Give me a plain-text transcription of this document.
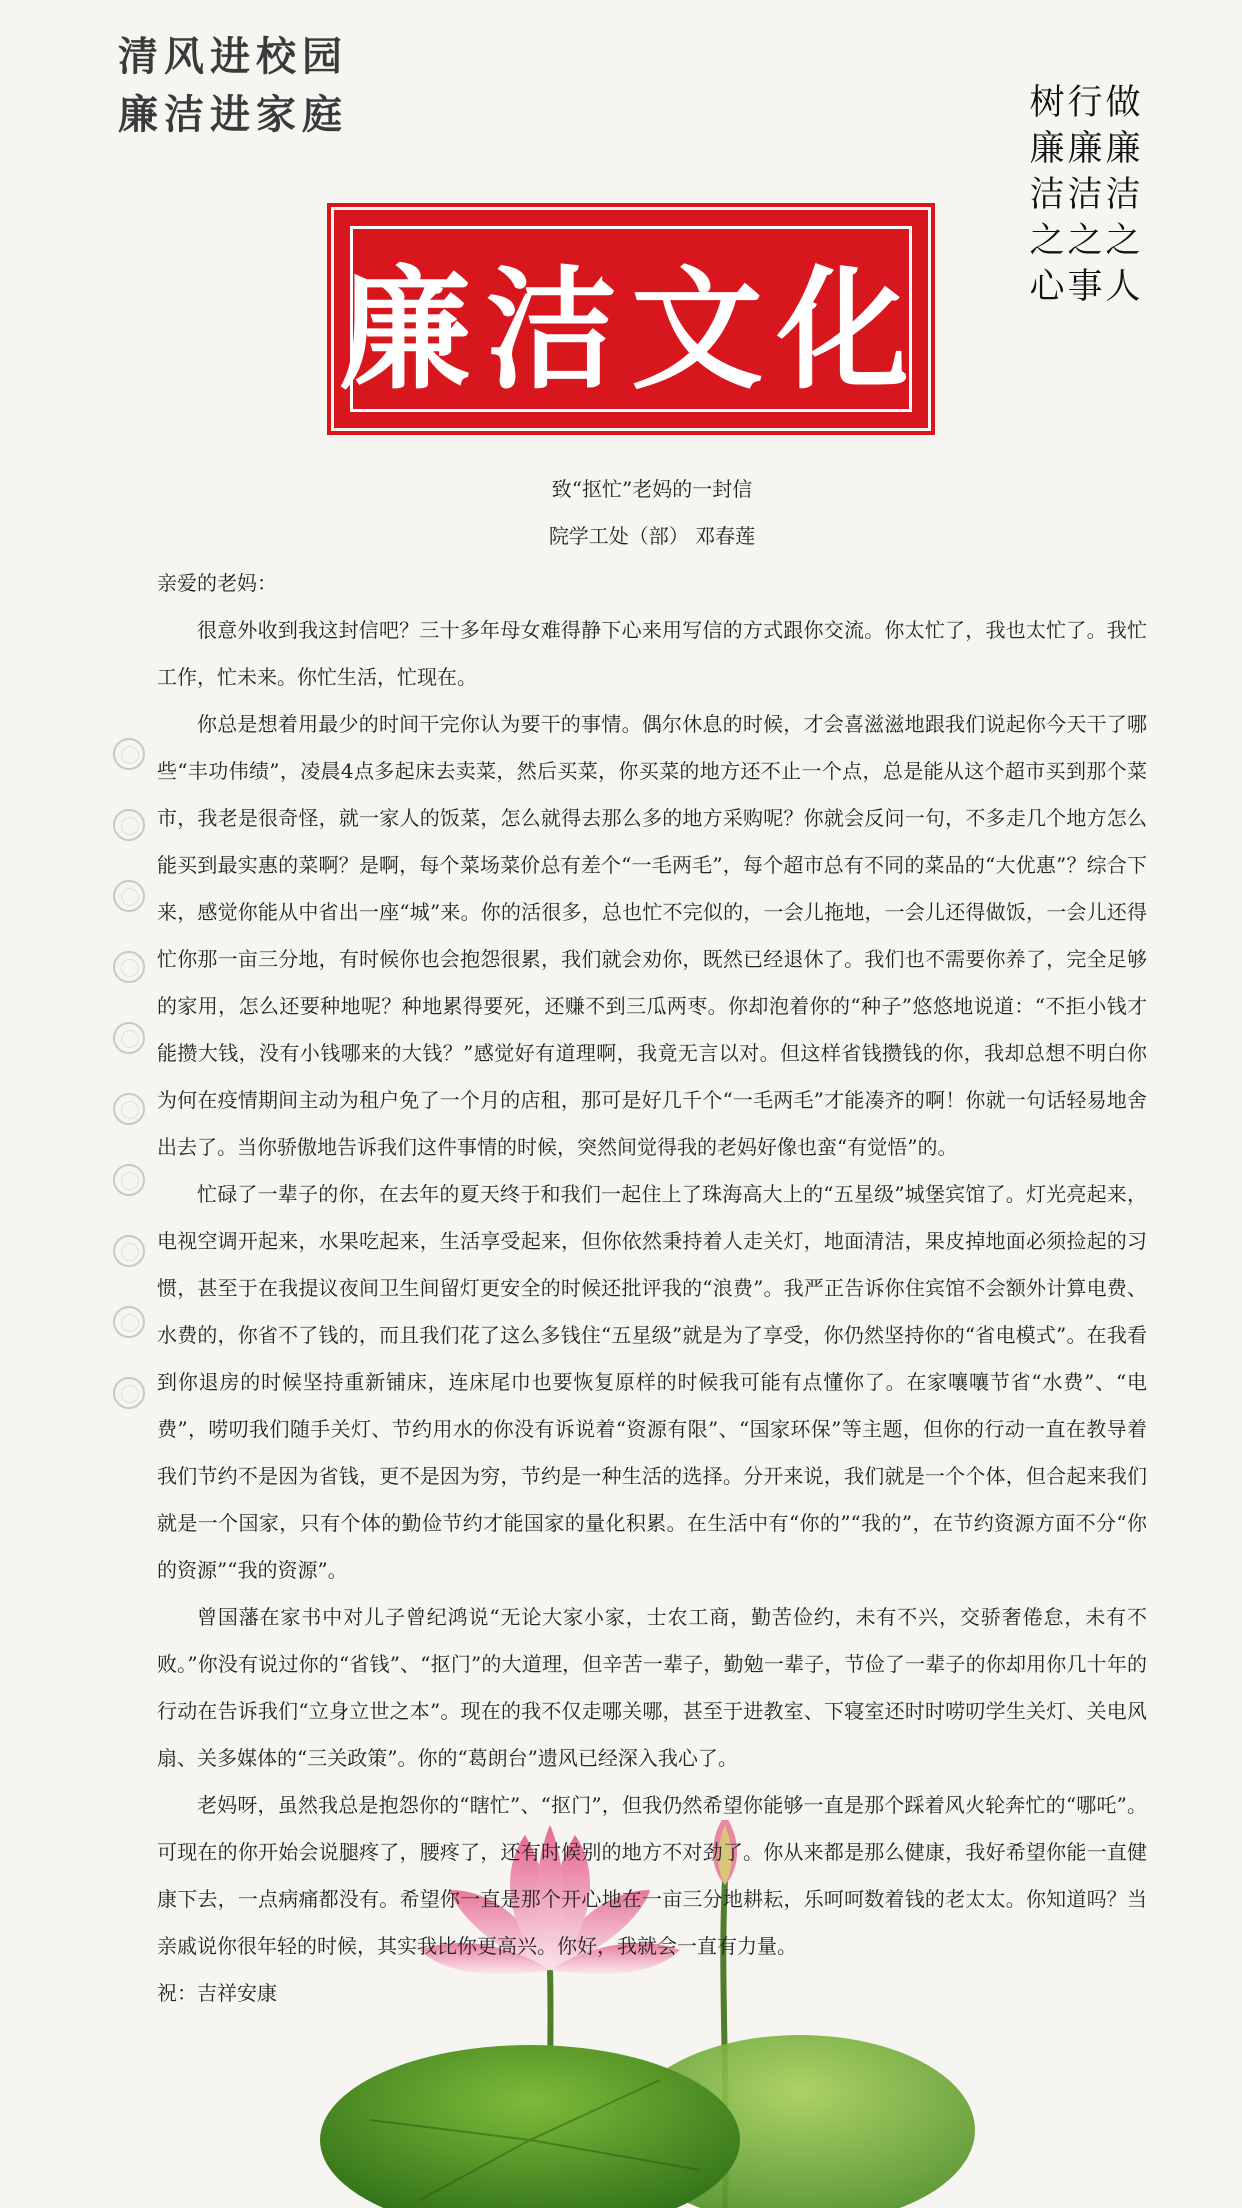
清风进校园
廉洁进家庭	树 行 做
廉 廉 廉
洁 洁 洁
之 之 之
心 事 人
廉洁文化

致“抠忙”老妈的一封信

院学工处（部） 邓春莲

亲爱的老妈：

很意外收到我这封信吧？三十多年母女难得静下心来用写信的方式跟你交流。你太忙了，我也太忙了。我忙工作，忙未来。你忙生活，忙现在。

你总是想着用最少的时间干完你认为要干的事情。偶尔休息的时候，才会喜滋滋地跟我们说起你今天干了哪些“丰功伟绩”，凌晨4点多起床去卖菜，然后买菜，你买菜的地方还不止一个点，总是能从这个超市买到那个菜市，我老是很奇怪，就一家人的饭菜，怎么就得去那么多的地方采购呢？你就会反问一句，不多走几个地方怎么能买到最实惠的菜啊？是啊，每个菜场菜价总有差个“一毛两毛”，每个超市总有不同的菜品的“大优惠”？综合下来，感觉你能从中省出一座“城”来。你的活很多，总也忙不完似的，一会儿拖地，一会儿还得做饭，一会儿还得忙你那一亩三分地，有时候你也会抱怨很累，我们就会劝你，既然已经退休了。我们也不需要你养了，完全足够的家用，怎么还要种地呢？种地累得要死，还赚不到三瓜两枣。你却泡着你的“种子”悠悠地说道：“不拒小钱才能攒大钱，没有小钱哪来的大钱？”感觉好有道理啊，我竟无言以对。但这样省钱攒钱的你，我却总想不明白你为何在疫情期间主动为租户免了一个月的店租，那可是好几千个“一毛两毛”才能凑齐的啊！你就一句话轻易地舍出去了。当你骄傲地告诉我们这件事情的时候，突然间觉得我的老妈好像也蛮“有觉悟”的。

忙碌了一辈子的你，在去年的夏天终于和我们一起住上了珠海高大上的“五星级”城堡宾馆了。灯光亮起来，电视空调开起来，水果吃起来，生活享受起来，但你依然秉持着人走关灯，地面清洁，果皮掉地面必须捡起的习惯，甚至于在我提议夜间卫生间留灯更安全的时候还批评我的“浪费”。我严正告诉你住宾馆不会额外计算电费、水费的，你省不了钱的，而且我们花了这么多钱住“五星级”就是为了享受，你仍然坚持你的“省电模式”。在我看到你退房的时候坚持重新铺床，连床尾巾也要恢复原样的时候我可能有点懂你了。在家嚷嚷节省“水费”、“电费”，唠叨我们随手关灯、节约用水的你没有诉说着“资源有限”、“国家环保”等主题，但你的行动一直在教导着我们节约不是因为省钱，更不是因为穷，节约是一种生活的选择。分开来说，我们就是一个个体，但合起来我们就是一个国家，只有个体的勤俭节约才能国家的量化积累。在生活中有“你的”“我的”，在节约资源方面不分“你的资源”“我的资源”。

曾国藩在家书中对儿子曾纪鸿说“无论大家小家，士农工商，勤苦俭约，未有不兴，交骄奢倦怠，未有不败。”你没有说过你的“省钱”、“抠门”的大道理，但辛苦一辈子，勤勉一辈子，节俭了一辈子的你却用你几十年的行动在告诉我们“立身立世之本”。现在的我不仅走哪关哪，甚至于进教室、下寝室还时时唠叨学生关灯、关电风扇、关多媒体的“三关政策”。你的“葛朗台”遗风已经深入我心了。

老妈呀，虽然我总是抱怨你的“瞎忙”、“抠门”，但我仍然希望你能够一直是那个踩着风火轮奔忙的“哪吒”。可现在的你开始会说腿疼了，腰疼了，还有时候别的地方不对劲了。你从来都是那么健康，我好希望你能一直健康下去，一点病痛都没有。希望你一直是那个开心地在一亩三分地耕耘，乐呵呵数着钱的老太太。你知道吗？当亲戚说你很年轻的时候，其实我比你更高兴。你好，我就会一直有力量。

祝：吉祥安康
